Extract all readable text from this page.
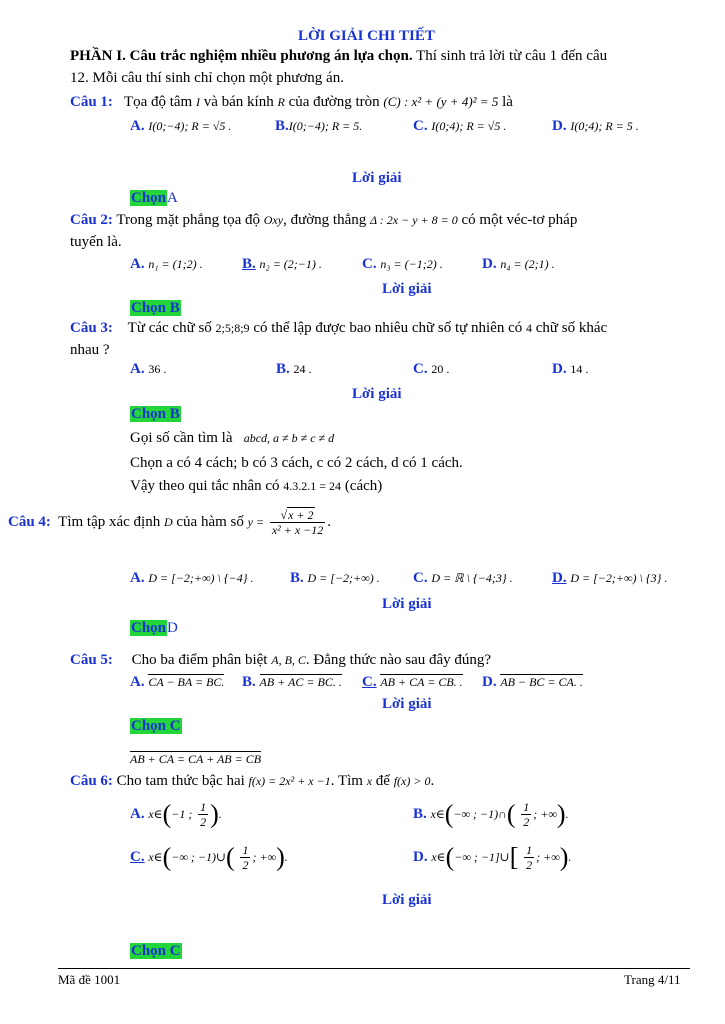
LỜI GIẢI CHI TIẾT
PHẦN I. Câu trắc nghiệm nhiều phương án lựa chọn. Thí sinh trả lời từ câu 1 đến câu
12. Mỗi câu thí sinh chỉ chọn một phương án.
Câu 1: Tọa độ tâm I và bán kính R của đường tròn (C) : x² + (y + 4)² = 5 là
A. I(0;−4); R = √5 .	B.I(0;−4); R = 5.	C. I(0;4); R = √5 .	D. I(0;4); R = 5 .
Lời giải
ChọnA
Câu 2: Trong mặt phẳng tọa độ Oxy, đường thẳng Δ : 2x − y + 8 = 0 có một véc-tơ pháp
tuyến là.
A. n₁ = (1;2) .	B. n₂ = (2;−1) .	C. n₃ = (−1;2) .	D. n₄ = (2;1) .
Lời giải
Chọn B
Câu 3: Từ các chữ số 2;5;8;9 có thể lập được bao nhiêu chữ số tự nhiên có 4 chữ số khác
nhau ?
A. 36 .	B. 24 .	C. 20 .	D. 14 .
Lời giải
Chọn B
Gọi số cần tìm là abcd, a ≠ b ≠ c ≠ d
Chọn a có 4 cách; b có 3 cách, c có 2 cách, d có 1 cách.
Vậy theo qui tắc nhân có 4.3.2.1 = 24 (cách)
Câu 4: Tìm tập xác định D của hàm số $y = \frac{√x + 2}{\text{x² + x −12}}$ .
A. D = [−2;+∞) \ {−4} . B. D = [−2;+∞) . C. D = ℝ \ {−4;3} .	D. D = [−2;+∞) \ {3} .
Lời giải
ChọnD
Câu 5: Cho ba điểm phân biệt A, B, C. Đẳng thức nào sau đây đúng?
A. CA − BA = BC. B. AB + AC = BC. . C. AB + CA = CB. . D. AB − BC = CA. .
Lời giải
Chọn C
AB + CA = CA + AB = CB
Câu 6: Cho tam thức bậc hai f(x) = 2x² + x −1. Tìm x để f(x) > 0.
A. x∈(−1 ; $\frac{1}{2}$ ).	B. x∈(−∞ ; −1)∩( $\frac{1}{2}$ ; +∞).
C. x∈(−∞ ; −1)∪( $\frac{1}{2}$ ; +∞).	D. x∈(−∞ ; −1]∪[ $\frac{1}{2}$ ; +∞).
Lời giải
Chọn C
Mã đề 1001	Trang 4/11
